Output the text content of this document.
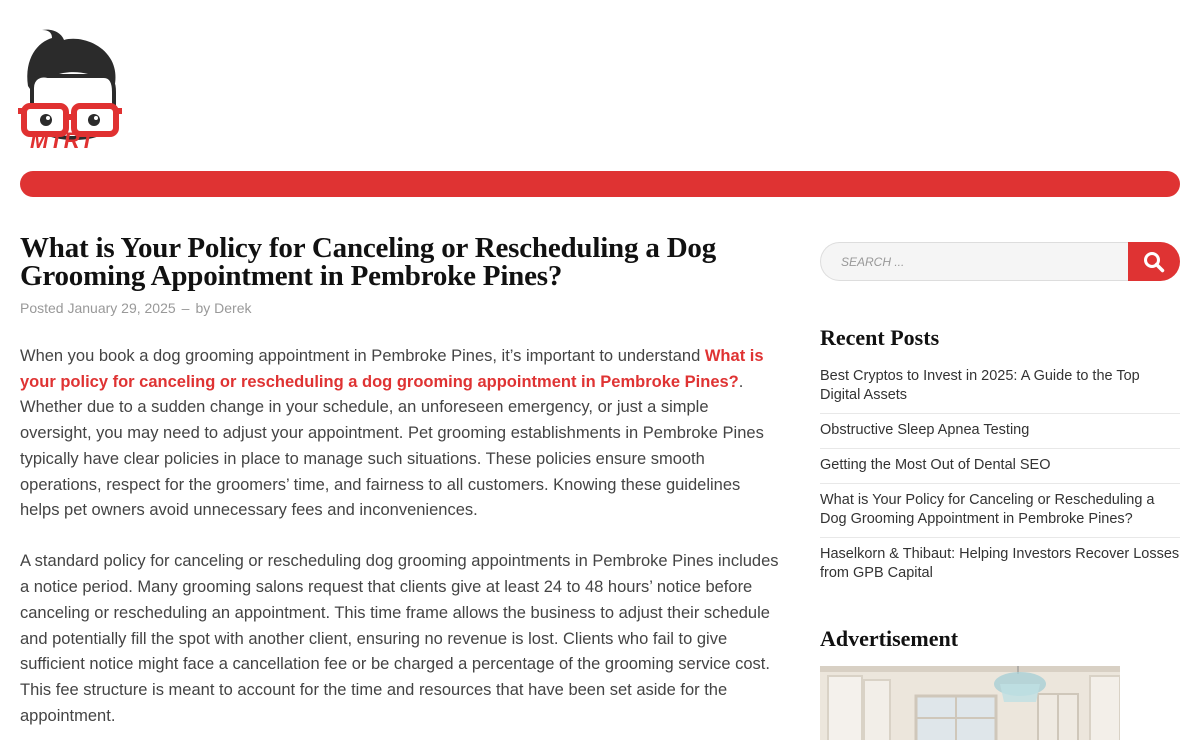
MTRT
What is Your Policy for Canceling or Rescheduling a Dog Grooming Appointment in Pembroke Pines?
Posted January 29, 2025 – by Derek

When you book a dog grooming appointment in Pembroke Pines, it’s important to understand What is your policy for canceling or rescheduling a dog grooming appointment in Pembroke Pines?. Whether due to a sudden change in your schedule, an unforeseen emergency, or just a simple oversight, you may need to adjust your appointment. Pet grooming establishments in Pembroke Pines typically have clear policies in place to manage such situations. These policies ensure smooth operations, respect for the groomers’ time, and fairness to all customers. Knowing these guidelines helps pet owners avoid unnecessary fees and inconveniences.

A standard policy for canceling or rescheduling dog grooming appointments in Pembroke Pines includes a notice period. Many grooming salons request that clients give at least 24 to 48 hours’ notice before canceling or rescheduling an appointment. This time frame allows the business to adjust their schedule and potentially fill the spot with another client, ensuring no revenue is lost. Clients who fail to give sufficient notice might face a cancellation fee or be charged a percentage of the grooming service cost. This fee structure is meant to account for the time and resources that have been set aside for the appointment.

Search ...
Recent Posts
Best Cryptos to Invest in 2025: A Guide to the Top Digital Assets
Obstructive Sleep Apnea Testing
Getting the Most Out of Dental SEO
What is Your Policy for Canceling or Rescheduling a Dog Grooming Appointment in Pembroke Pines?
Haselkorn & Thibaut: Helping Investors Recover Losses from GPB Capital
Advertisement
